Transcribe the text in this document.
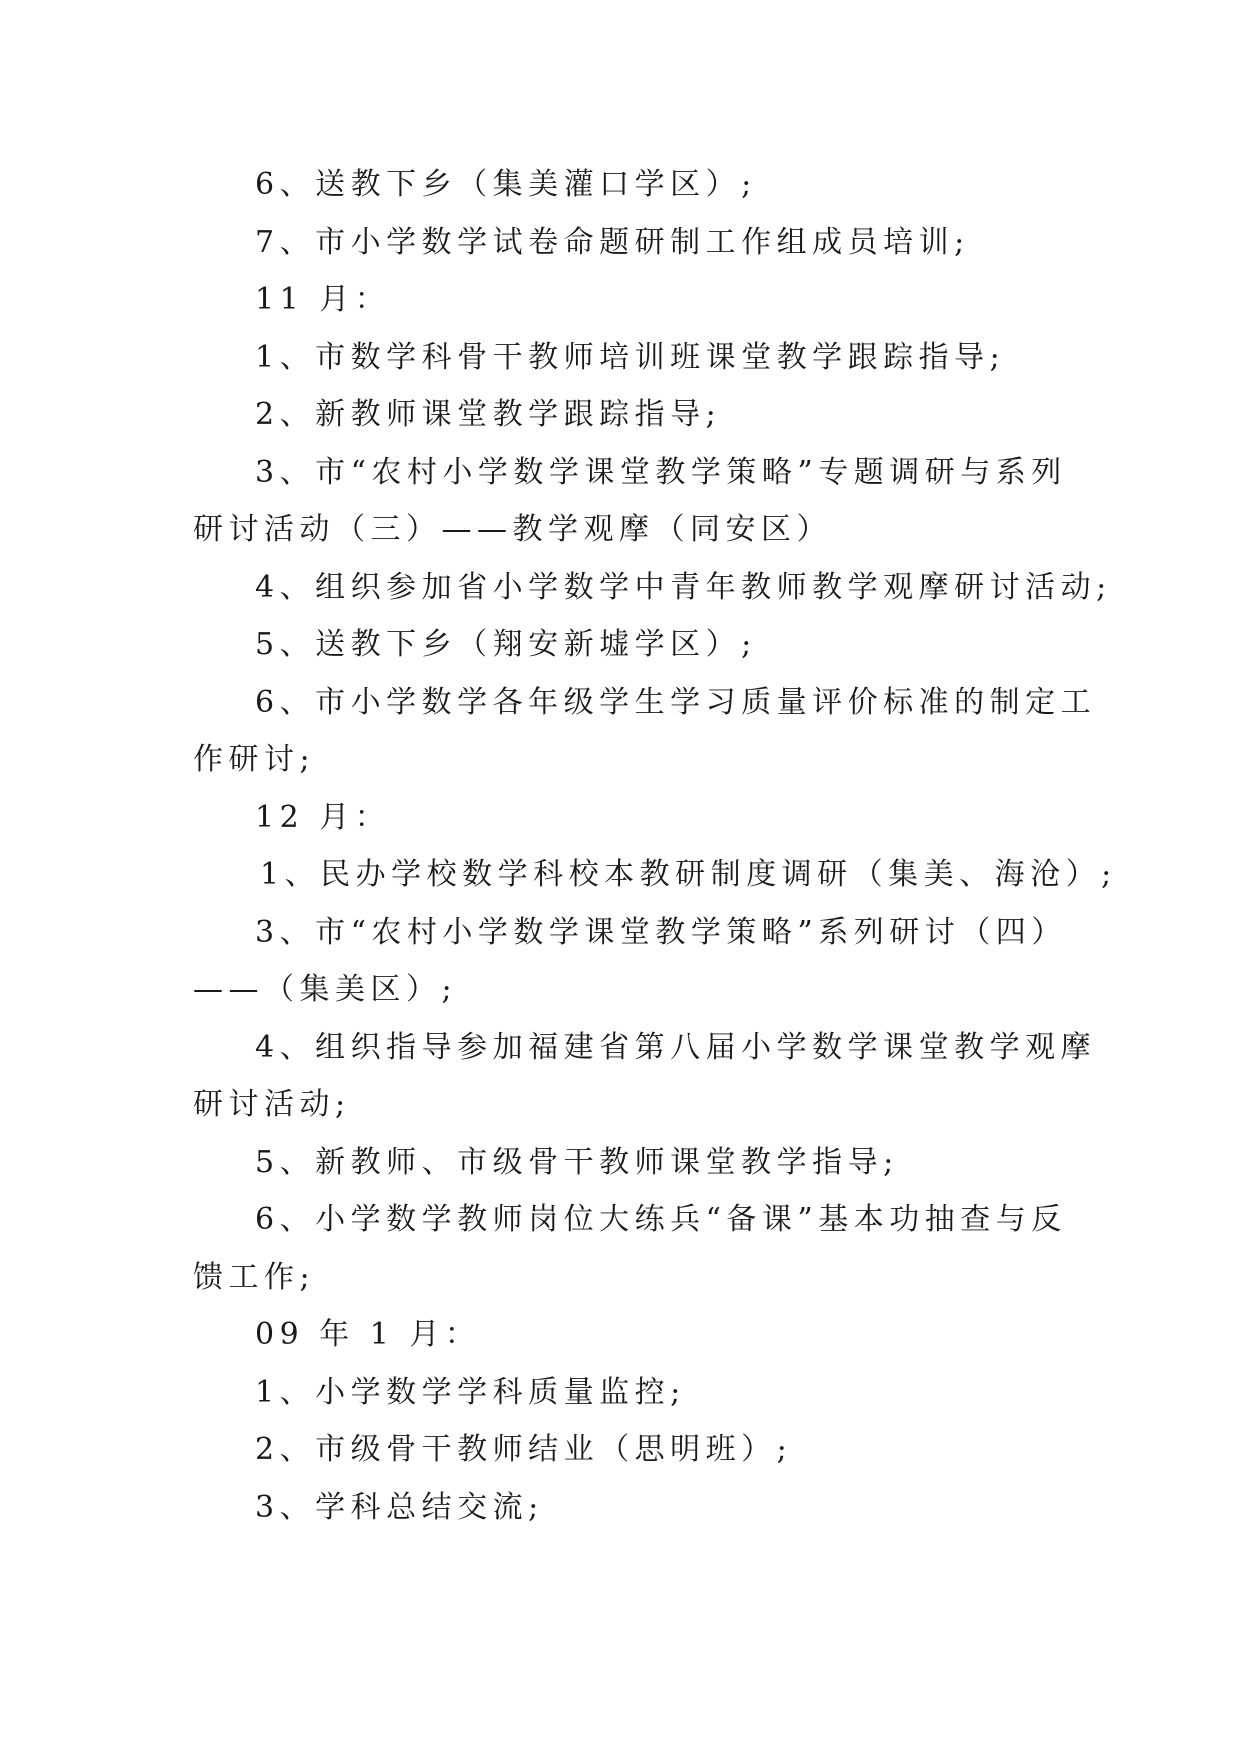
6、送教下乡（集美灌口学区）;
7、市小学数学试卷命题研制工作组成员培训;
11 月：
1、市数学科骨干教师培训班课堂教学跟踪指导;
2、新教师课堂教学跟踪指导;
3、市“农村小学数学课堂教学策略”专题调研与系列
研讨活动（三）——教学观摩（同安区）
4、组织参加省小学数学中青年教师教学观摩研讨活动;
5、送教下乡（翔安新墟学区）;
6、市小学数学各年级学生学习质量评价标准的制定工
作研讨;
12 月：
1、民办学校数学科校本教研制度调研（集美、海沧）;
3、市“农村小学数学课堂教学策略”系列研讨（四）
——（集美区）;
4、组织指导参加福建省第八届小学数学课堂教学观摩
研讨活动;
5、新教师、市级骨干教师课堂教学指导;
6、小学数学教师岗位大练兵“备课”基本功抽查与反
馈工作;
09 年 1 月：
1、小学数学学科质量监控;
2、市级骨干教师结业（思明班）;
3、学科总结交流;
